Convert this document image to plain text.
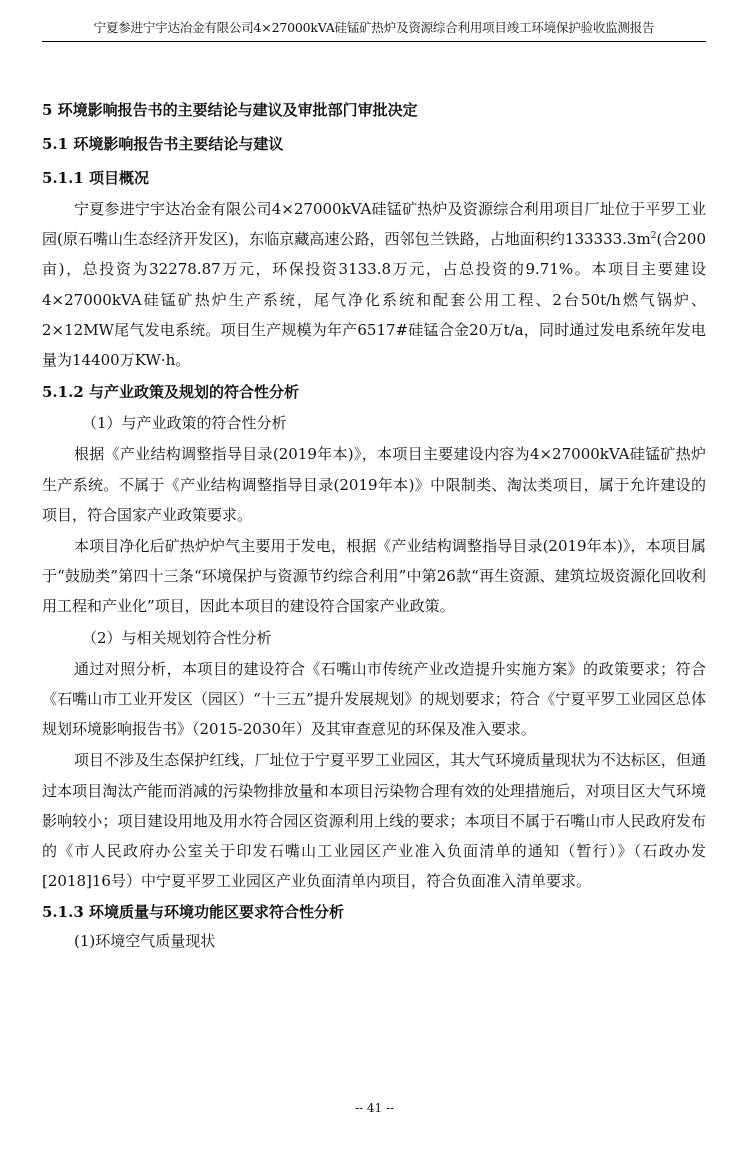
宁夏参进宁宇达冶金有限公司4×27000kVA硅锰矿热炉及资源综合利用项目竣工环境保护验收监测报告
5 环境影响报告书的主要结论与建议及审批部门审批决定
5.1 环境影响报告书主要结论与建议
5.1.1 项目概况
宁夏参进宁宇达冶金有限公司4×27000kVA硅锰矿热炉及资源综合利用项目厂址位于平罗工业园(原石嘴山生态经济开发区)，东临京藏高速公路，西邻包兰铁路，占地面积约$133333.3m^2$(合200亩)，总投资为32278.87万元，环保投资3133.8万元，占总投资的9.71%。本项目主要建设4×27000kVA硅锰矿热炉生产系统，尾气净化系统和配套公用工程、2台50t/h燃气锅炉、2×12MW尾气发电系统。项目生产规模为年产6517#硅锰合金20万t/a，同时通过发电系统年发电量为14400万KW·h。
5.1.2 与产业政策及规划的符合性分析
（1）与产业政策的符合性分析
根据《产业结构调整指导目录(2019年本)》，本项目主要建设内容为4×27000kVA硅锰矿热炉生产系统。不属于《产业结构调整指导目录(2019年本)》中限制类、淘汰类项目，属于允许建设的项目，符合国家产业政策要求。
本项目净化后矿热炉炉气主要用于发电，根据《产业结构调整指导目录(2019年本)》，本项目属于“鼓励类”第四十三条“环境保护与资源节约综合利用”中第26款“再生资源、建筑垃圾资源化回收利用工程和产业化”项目，因此本项目的建设符合国家产业政策。
（2）与相关规划符合性分析
通过对照分析，本项目的建设符合《石嘴山市传统产业改造提升实施方案》的政策要求；符合《石嘴山市工业开发区（园区）“十三五”提升发展规划》的规划要求；符合《宁夏平罗工业园区总体规划环境影响报告书》（2015-2030年）及其审查意见的环保及准入要求。
项目不涉及生态保护红线，厂址位于宁夏平罗工业园区，其大气环境质量现状为不达标区，但通过本项目淘汰产能而消减的污染物排放量和本项目污染物合理有效的处理措施后，对项目区大气环境影响较小；项目建设用地及用水符合园区资源利用上线的要求；本项目不属于石嘴山市人民政府发布的《市人民政府办公室关于印发石嘴山工业园区产业准入负面清单的通知（暂行）》（石政办发[2018]16号）中宁夏平罗工业园区产业负面清单内项目，符合负面准入清单要求。
5.1.3 环境质量与环境功能区要求符合性分析
(1)环境空气质量现状
-- 41 --
